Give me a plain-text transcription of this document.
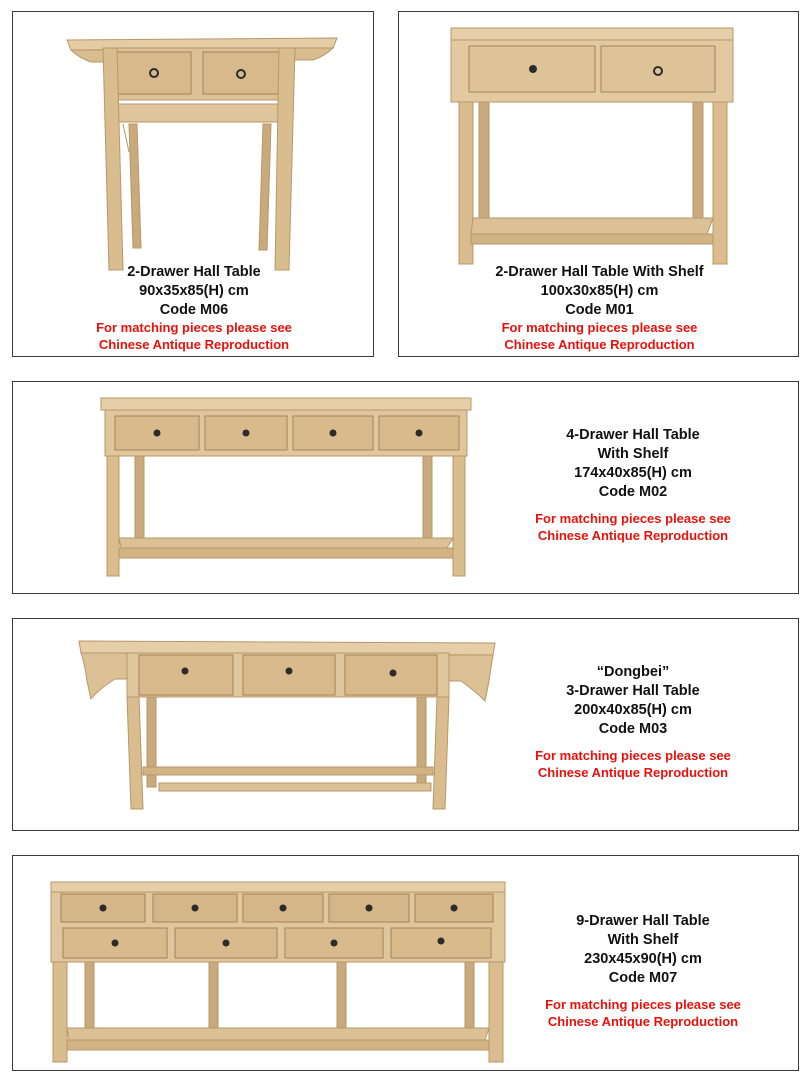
2-Drawer Hall Table
90x35x85(H) cm
Code M06
For matching pieces please see
Chinese Antique Reproduction
2-Drawer Hall Table With Shelf
100x30x85(H) cm
Code M01
For matching pieces please see
Chinese Antique Reproduction
4-Drawer Hall Table
With Shelf
174x40x85(H) cm
Code M02
For matching pieces please see
Chinese Antique Reproduction
“Dongbei”
3-Drawer Hall Table
200x40x85(H) cm
Code M03
For matching pieces please see
Chinese Antique Reproduction
9-Drawer Hall Table
With Shelf
230x45x90(H) cm
Code M07
For matching pieces please see
Chinese Antique Reproduction
